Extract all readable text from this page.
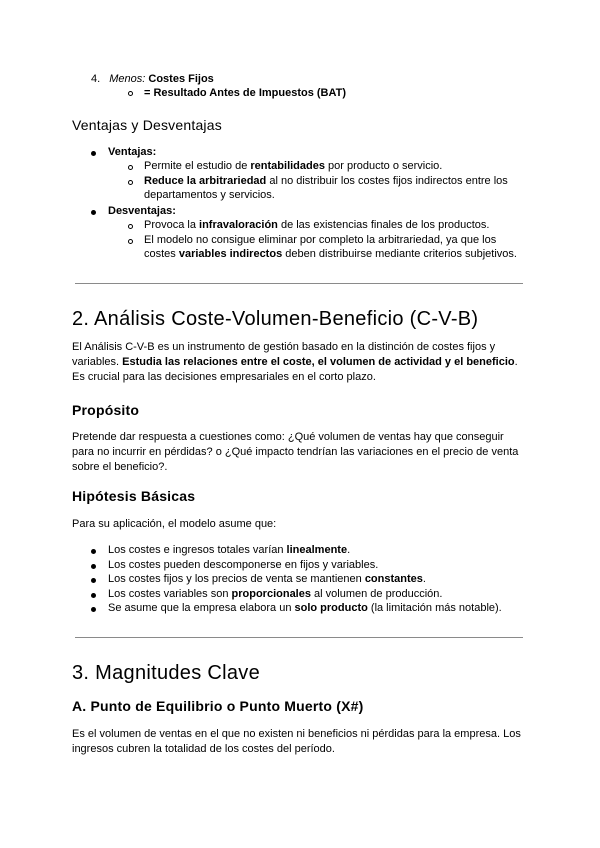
4. Menos: Costes Fijos
= Resultado Antes de Impuestos (BAT)
Ventajas y Desventajas
Ventajas:
Permite el estudio de rentabilidades por producto o servicio.
Reduce la arbitrariedad al no distribuir los costes fijos indirectos entre los
departamentos y servicios.
Desventajas:
Provoca la infravaloración de las existencias finales de los productos.
El modelo no consigue eliminar por completo la arbitrariedad, ya que los
costes variables indirectos deben distribuirse mediante criterios subjetivos.
2. Análisis Coste-Volumen-Beneficio (C-V-B)
El Análisis C-V-B es un instrumento de gestión basado en la distinción de costes fijos y
variables. Estudia las relaciones entre el coste, el volumen de actividad y el beneficio.
Es crucial para las decisiones empresariales en el corto plazo.
Propósito
Pretende dar respuesta a cuestiones como: ¿Qué volumen de ventas hay que conseguir
para no incurrir en pérdidas? o ¿Qué impacto tendrían las variaciones en el precio de venta
sobre el beneficio?.
Hipótesis Básicas
Para su aplicación, el modelo asume que:
Los costes e ingresos totales varían linealmente.
Los costes pueden descomponerse en fijos y variables.
Los costes fijos y los precios de venta se mantienen constantes.
Los costes variables son proporcionales al volumen de producción.
Se asume que la empresa elabora un solo producto (la limitación más notable).
3. Magnitudes Clave
A. Punto de Equilibrio o Punto Muerto (X#)
Es el volumen de ventas en el que no existen ni beneficios ni pérdidas para la empresa. Los
ingresos cubren la totalidad de los costes del período.
